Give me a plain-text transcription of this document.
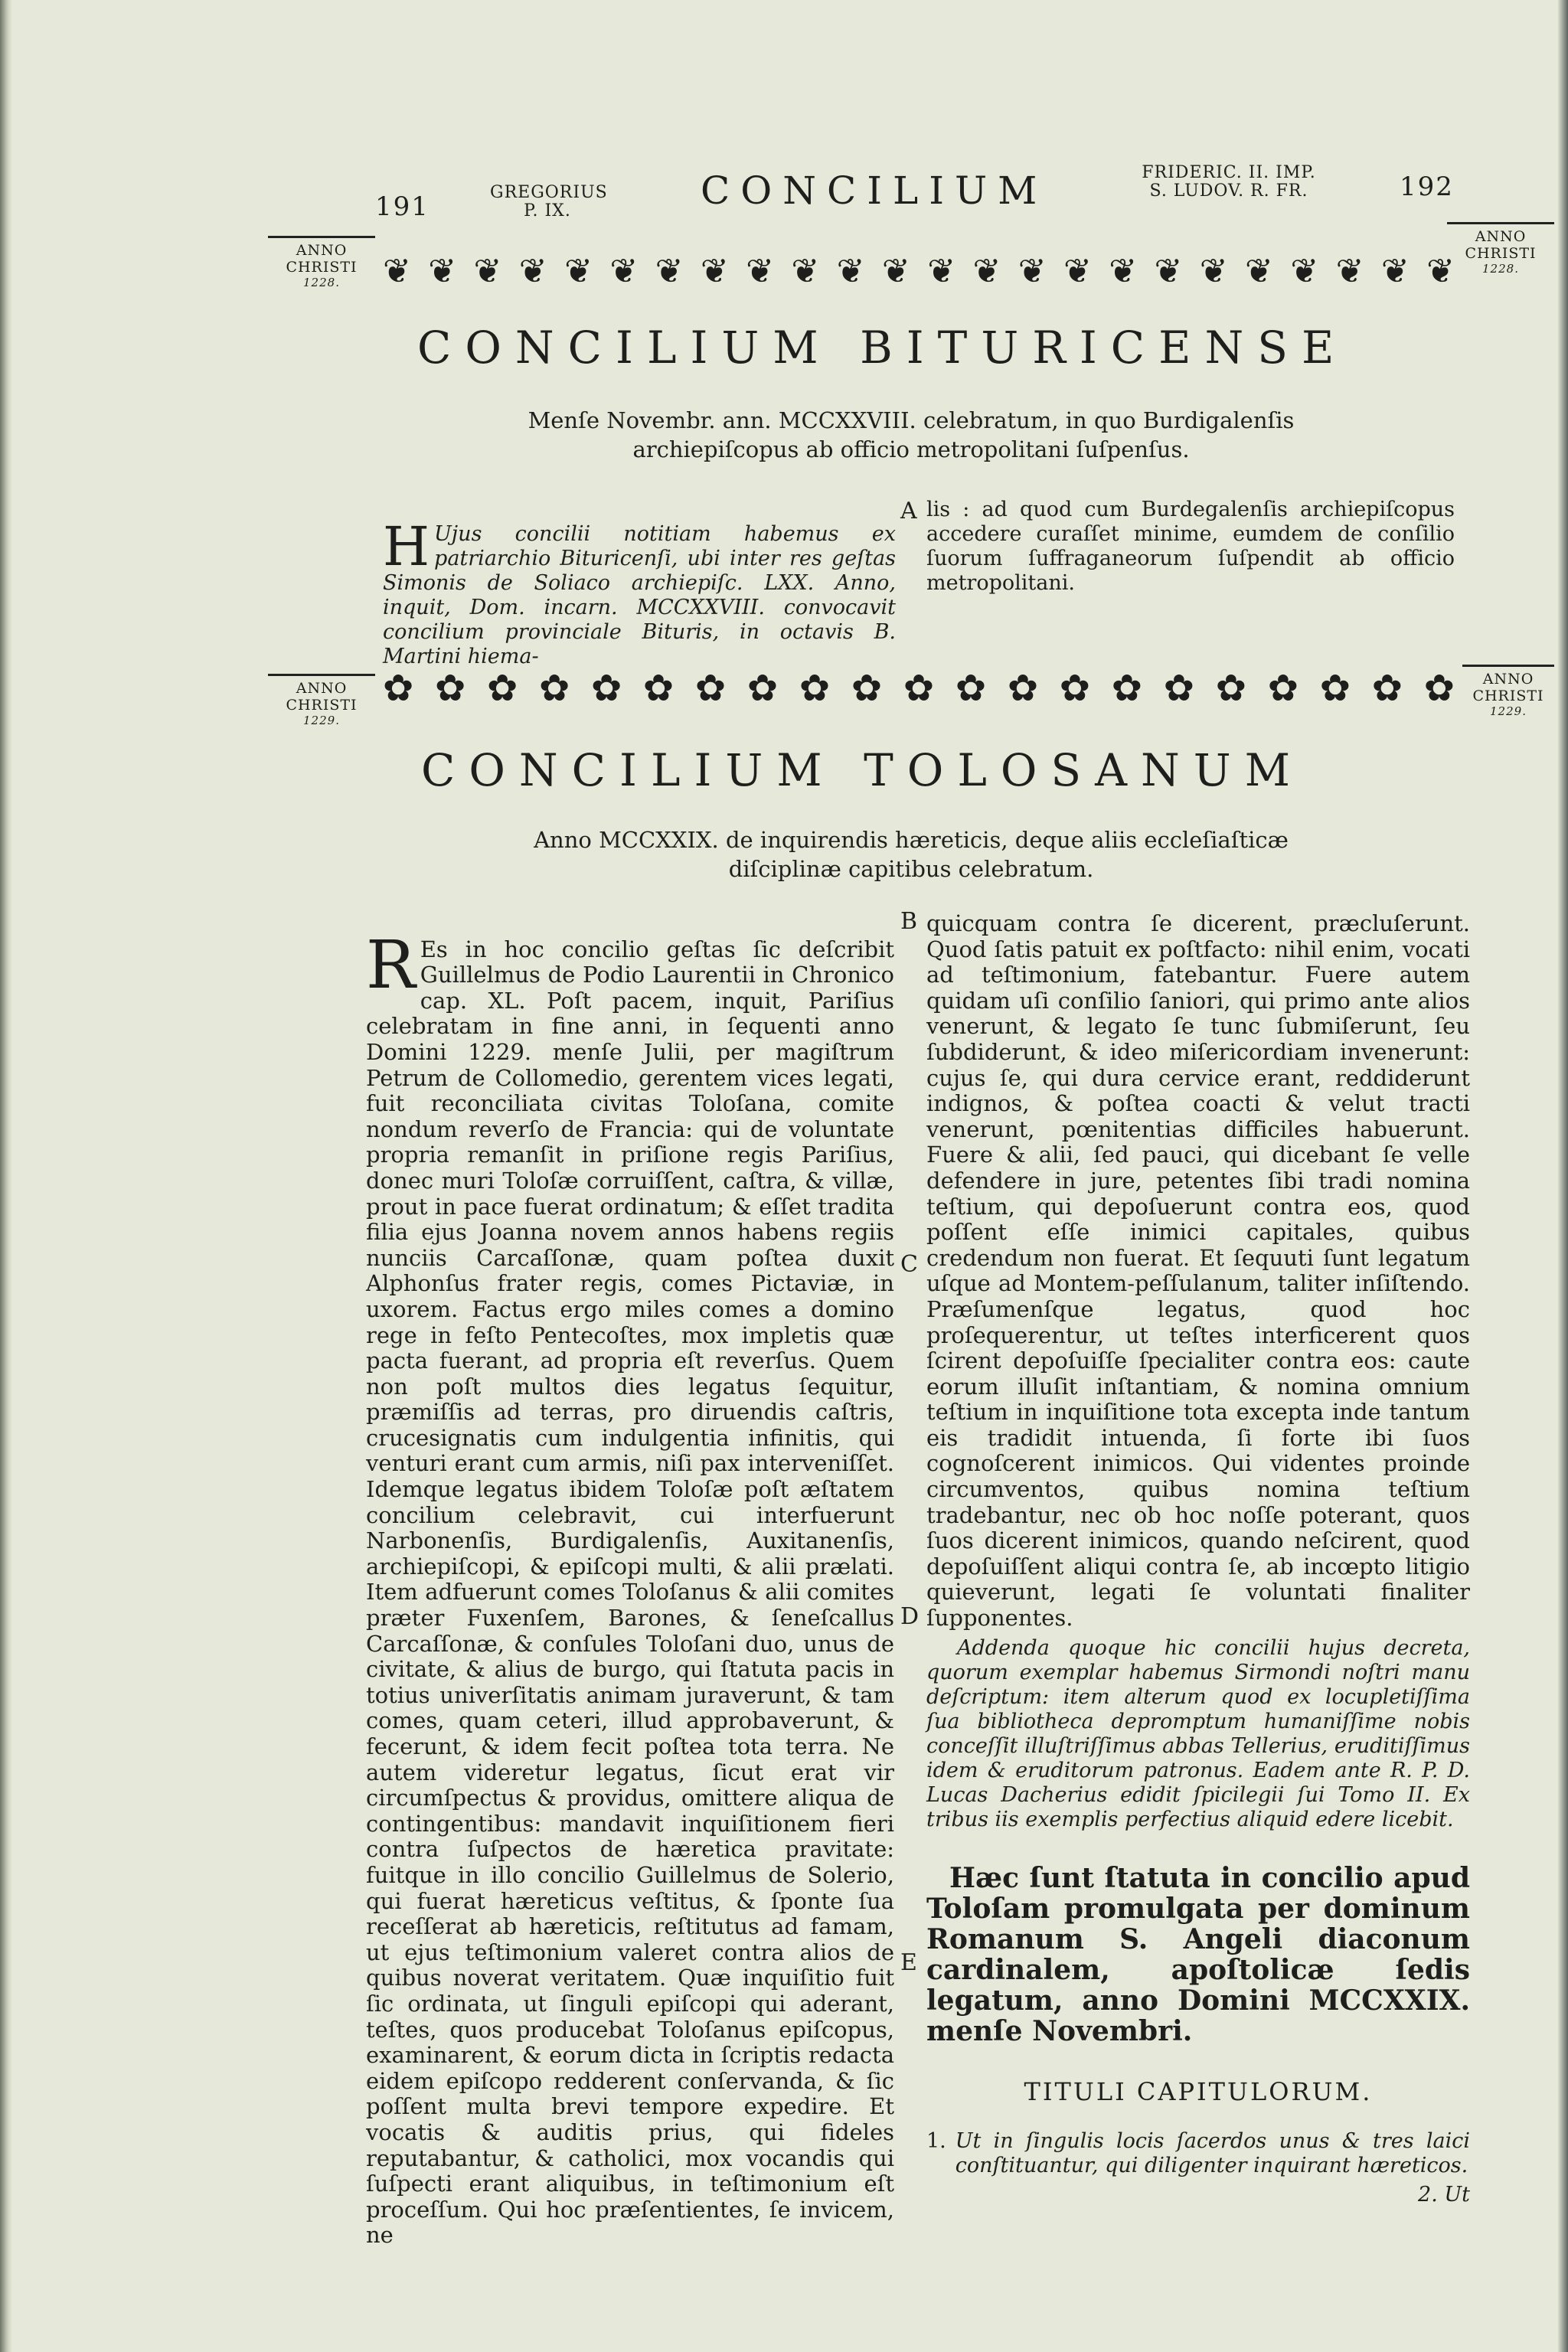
191	GREGORIUS
P. IX.	CONCILIUM	FRIDERIC. II. IMP.
S. LUDOV. R. FR.	192
ANNO
CHRISTI
1228.
ANNO
CHRISTI
1228.
❦ ❦ ❦ ❦ ❦ ❦ ❦ ❦ ❦ ❦ ❦ ❦ ❦ ❦ ❦ ❦ ❦ ❦ ❦ ❦ ❦ ❦ ❦ ❦
CONCILIUM BITURICENSE
Menſe Novembr. ann. MCCXXVIII. celebratum, in quo Burdigalenſis archiepiſcopus ab officio metropolitani ſuſpenſus.

H Ujus concilii notitiam habemus ex patriarchio Bituricenſi, ubi inter res geſtas Simonis de Soliaco archiepiſc. LXX. Anno, inquit, Dom. incarn. MCCXXVIII. convocavit concilium provinciale Bituris, in octavis B. Martini hiema-

A lis : ad quod cum Burdegalenſis archiepiſcopus accedere curaſſet minime, eumdem de conſilio ſuorum ſuffraganeorum ſuſpendit ab officio metropolitani.
ANNO
CHRISTI
1229.
ANNO
CHRISTI
1229.
✿ ✿ ✿ ✿ ✿ ✿ ✿ ✿ ✿ ✿ ✿ ✿ ✿ ✿ ✿ ✿ ✿ ✿ ✿ ✿ ✿
CONCILIUM TOLOSANUM
Anno MCCXXIX. de inquirendis hæreticis, deque aliis eccleſiaſticæ diſciplinæ capitibus celebratum.

R Es in hoc concilio geſtas ſic deſcribit Guillelmus de Podio Laurentii in Chronico cap. XL. Poſt pacem, inquit, Pariſius celebratam in fine anni, in ſequenti anno Domini 1229. menſe Julii, per magiſtrum Petrum de Collomedio, gerentem vices legati, fuit reconciliata civitas Toloſana, comite nondum reverſo de Francia: qui de voluntate propria remanſit in priſione regis Pariſius, donec muri Toloſæ corruiſſent, caſtra, & villæ, prout in pace fuerat ordinatum; & eſſet tradita filia ejus Joanna novem annos habens regiis nunciis Carcaſſonæ, quam poſtea duxit Alphonſus frater regis, comes Pictaviæ, in uxorem. Factus ergo miles comes a domino rege in feſto Pentecoſtes, mox impletis quæ pacta fuerant, ad propria eſt reverſus. Quem non poſt multos dies legatus ſequitur, præmiſſis ad terras, pro diruendis caſtris, crucesignatis cum indulgentia infinitis, qui venturi erant cum armis, niſi pax interveniſſet. Idemque legatus ibidem Toloſæ poſt æſtatem concilium celebravit, cui interfuerunt Narbonenſis, Burdigalenſis, Auxitanenſis, archiepiſcopi, & epiſcopi multi, & alii prælati. Item adfuerunt comes Toloſanus & alii comites præter Fuxenſem, Barones, & ſeneſcallus Carcaſſonæ, & conſules Toloſani duo, unus de civitate, & alius de burgo, qui ſtatuta pacis in totius univerſitatis animam juraverunt, & tam comes, quam ceteri, illud approbaverunt, & fecerunt, & idem fecit poſtea tota terra. Ne autem videretur legatus, ſicut erat vir circumſpectus & providus, omittere aliqua de contingentibus: mandavit inquiſitionem fieri contra ſuſpectos de hæretica pravitate: fuitque in illo concilio Guillelmus de Solerio, qui fuerat hæreticus veſtitus, & ſponte ſua receſſerat ab hæreticis, reſtitutus ad famam, ut ejus teſtimonium valeret contra alios de quibus noverat veritatem. Quæ inquiſitio fuit ſic ordinata, ut ſinguli epiſcopi qui aderant, teſtes, quos producebat Toloſanus epiſcopus, examinarent, & eorum dicta in ſcriptis redacta eidem epiſcopo redderent conſervanda, & ſic poſſent multa brevi tempore expedire. Et vocatis & auditis prius, qui fideles reputabantur, & catholici, mox vocandis qui ſuſpecti erant aliquibus, in teſtimonium eſt proceſſum. Qui hoc præſentientes, ſe invicem, ne

B
C
D
E
quicquam contra ſe dicerent, præcluſerunt. Quod ſatis patuit ex poſtfacto: nihil enim, vocati ad teſtimonium, fatebantur. Fuere autem quidam uſi conſilio ſaniori, qui primo ante alios venerunt, & legato ſe tunc ſubmiſerunt, ſeu ſubdiderunt, & ideo miſericordiam invenerunt: cujus ſe, qui dura cervice erant, reddiderunt indignos, & poſtea coacti & velut tracti venerunt, pœnitentias difficiles habuerunt. Fuere & alii, ſed pauci, qui dicebant ſe velle defendere in jure, petentes ſibi tradi nomina teſtium, qui depoſuerunt contra eos, quod poſſent eſſe inimici capitales, quibus credendum non fuerat. Et ſequuti ſunt legatum uſque ad Montem-peſſulanum, taliter inſiſtendo. Præſumenſque legatus, quod hoc proſequerentur, ut teſtes interficerent quos ſcirent depoſuiſſe ſpecialiter contra eos: caute eorum illuſit inſtantiam, & nomina omnium teſtium in inquiſitione tota excepta inde tantum eis tradidit intuenda, ſi forte ibi ſuos cognoſcerent inimicos. Qui videntes proinde circumventos, quibus nomina teſtium tradebantur, nec ob hoc noſſe poterant, quos ſuos dicerent inimicos, quando neſcirent, quod depoſuiſſent aliqui contra ſe, ab incœpto litigio quieverunt, legati ſe voluntati finaliter ſupponentes.
Addenda quoque hic concilii hujus decreta, quorum exemplar habemus Sirmondi noſtri manu deſcriptum: item alterum quod ex locupletiſſima ſua bibliotheca depromptum humaniſſime nobis conceſſit illuſtriſſimus abbas Tellerius, eruditiſſimus idem & eruditorum patronus. Eadem ante R. P. D. Lucas Dacherius edidit ſpicilegii ſui Tomo II. Ex tribus iis exemplis perfectius aliquid edere licebit.
Hæc ſunt ſtatuta in concilio apud Toloſam promulgata per dominum Romanum S. Angeli diaconum cardinalem, apoſtolicæ ſedis legatum, anno Domini MCCXXIX. menſe Novembri.
TITULI CAPITULORUM.
1. Ut in ſingulis locis ſacerdos unus & tres laici conſtituantur, qui diligenter inquirant hæreticos.
2. Ut
